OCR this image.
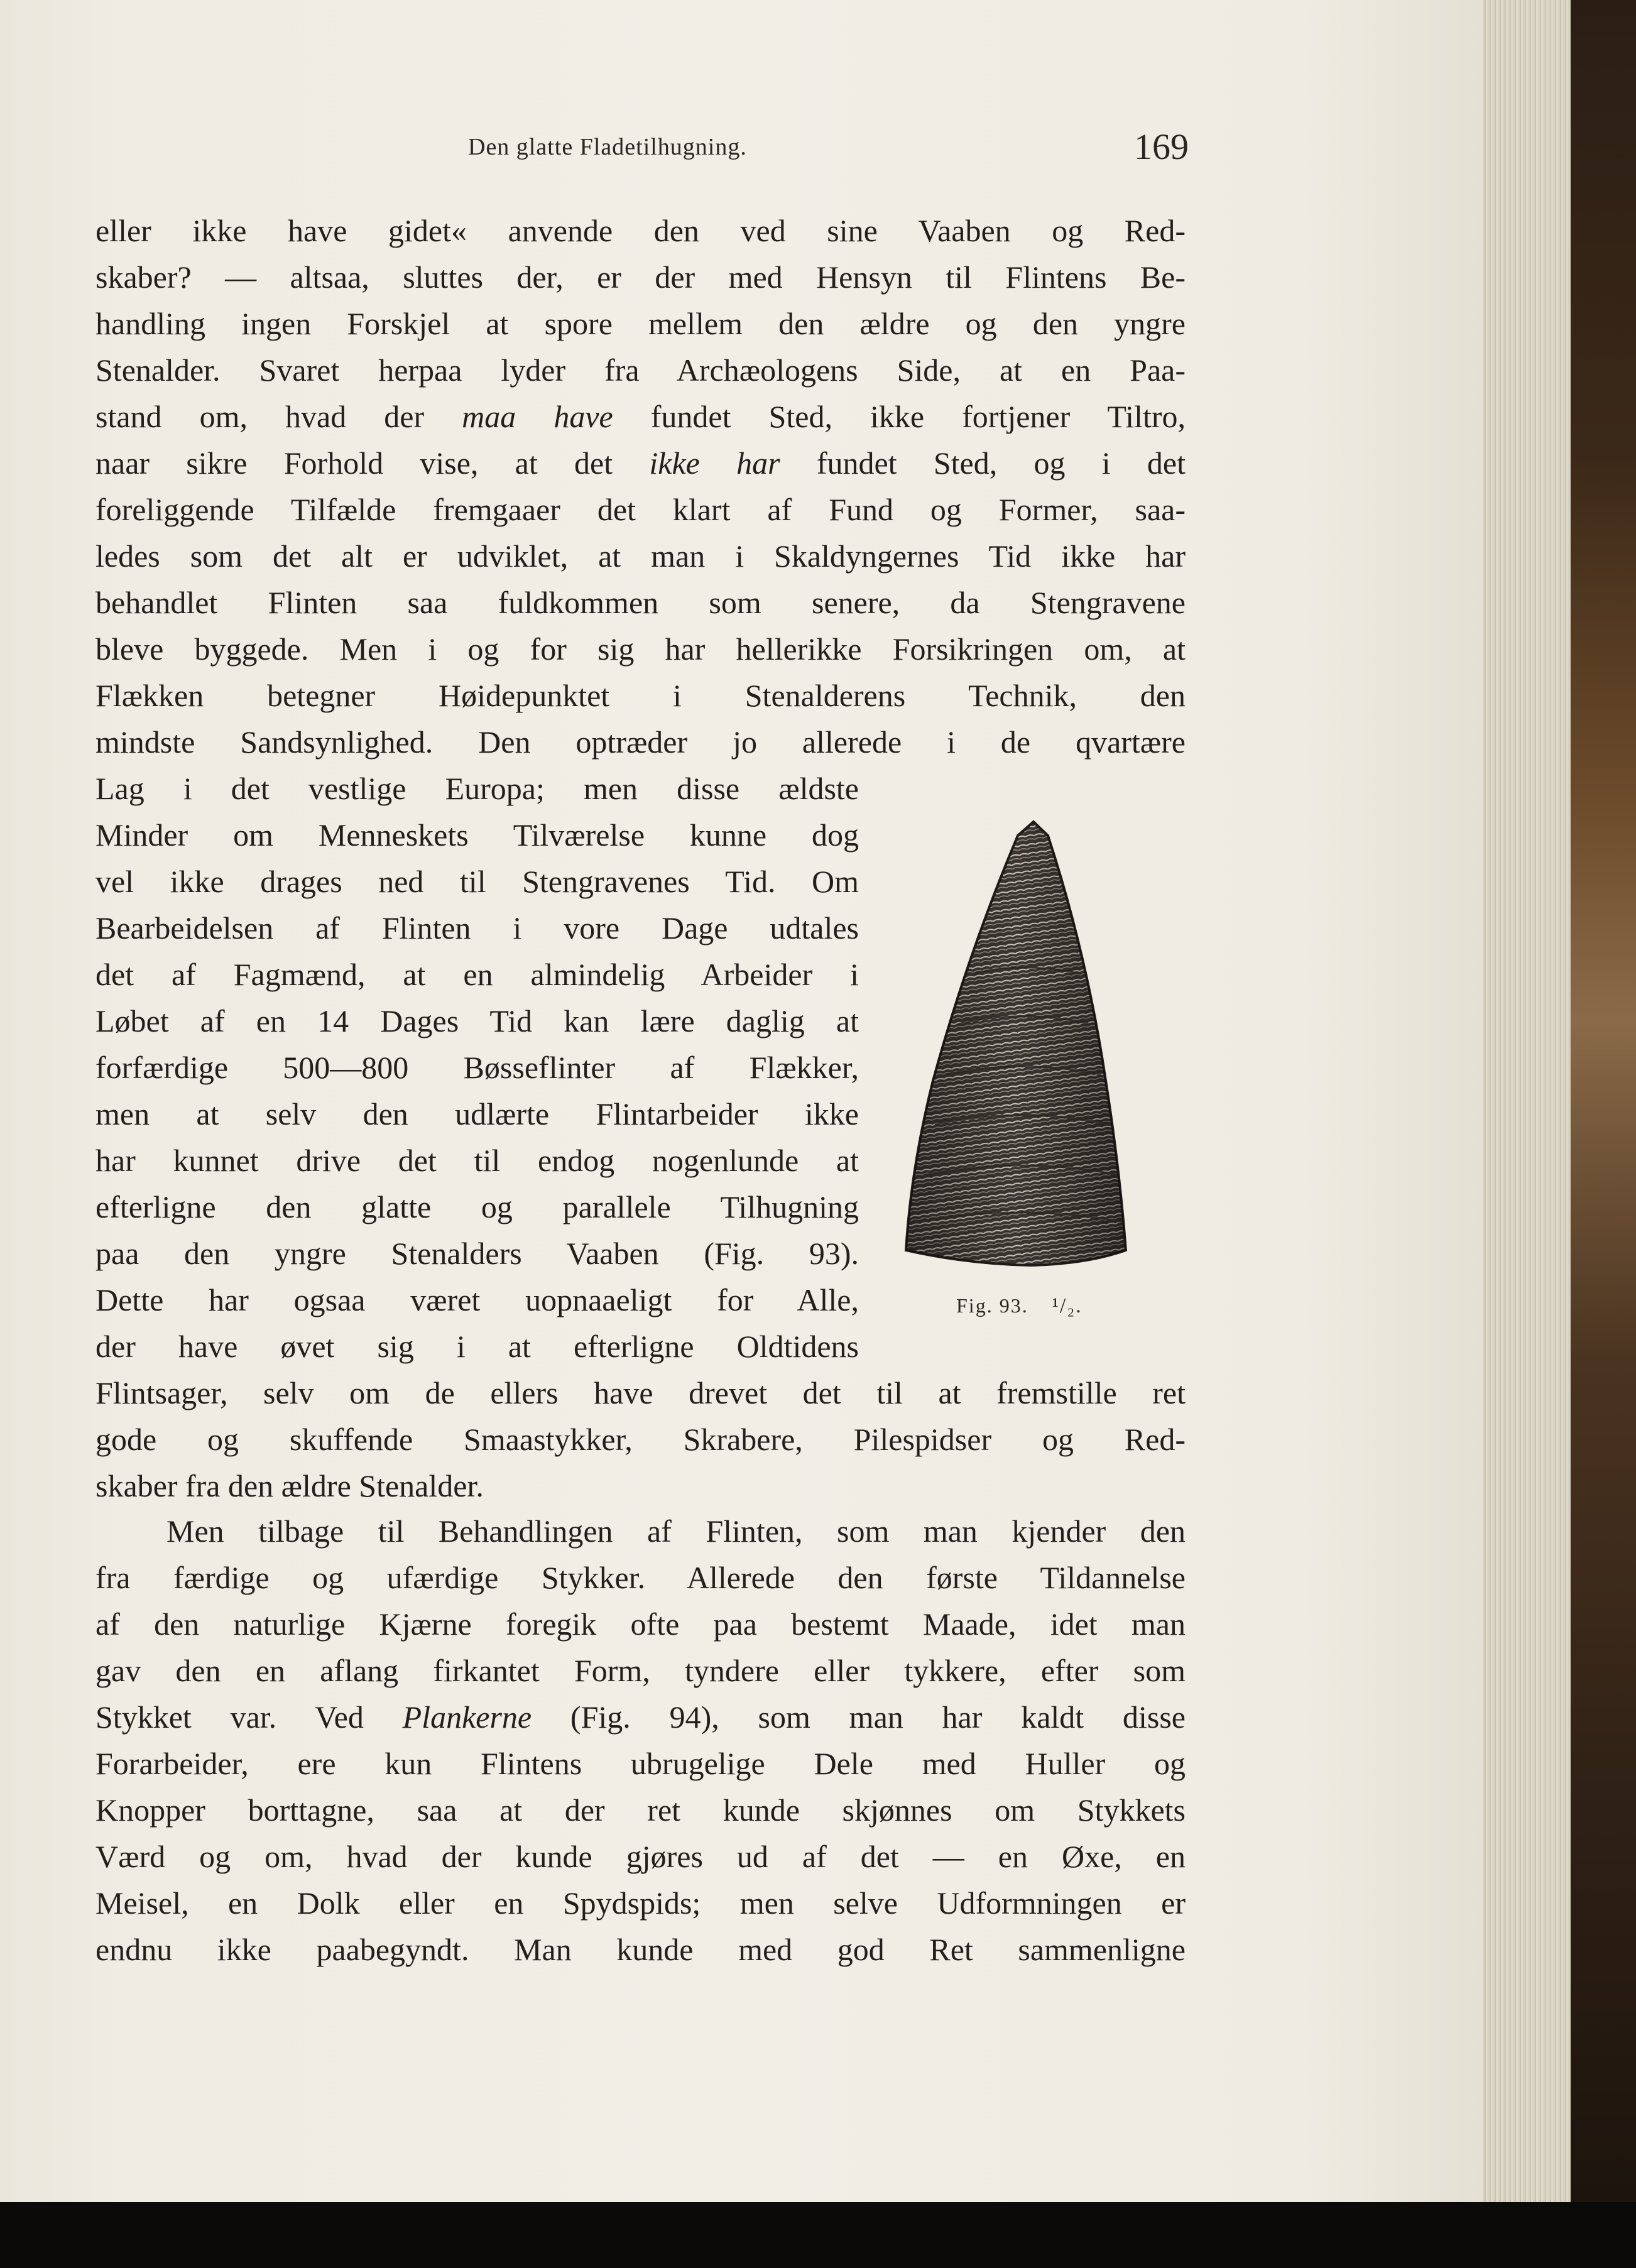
Den glatte Fladetilhugning.	169
eller ikke have gidet« anvende den ved sine Vaaben og Red-
skaber? — altsaa, sluttes der, er der med Hensyn til Flintens Be-
handling ingen Forskjel at spore mellem den ældre og den yngre
Stenalder. Svaret herpaa lyder fra Archæologens Side, at en Paa-
stand om, hvad der maa have fundet Sted, ikke fortjener Tiltro,
naar sikre Forhold vise, at det ikke har fundet Sted, og i det
foreliggende Tilfælde fremgaaer det klart af Fund og Former, saa-
ledes som det alt er udviklet, at man i Skaldyngernes Tid ikke har
behandlet Flinten saa fuldkommen som senere, da Stengravene
bleve byggede. Men i og for sig har hellerikke Forsikringen om, at
Flækken betegner Høidepunktet i Stenalderens Technik, den
mindste Sandsynlighed. Den optræder jo allerede i de qvartære
Lag i det vestlige Europa; men disse ældste
Minder om Menneskets Tilværelse kunne dog
vel ikke drages ned til Stengravenes Tid. Om
Bearbeidelsen af Flinten i vore Dage udtales
det af Fagmænd, at en almindelig Arbeider i
Løbet af en 14 Dages Tid kan lære daglig at
forfærdige 500—800 Bøsseflinter af Flækker,
men at selv den udlærte Flintarbeider ikke
har kunnet drive det til endog nogenlunde at
efterligne den glatte og parallele Tilhugning
paa den yngre Stenalders Vaaben (Fig. 93).
Dette har ogsaa været uopnaaeligt for Alle,
der have øvet sig i at efterligne Oldtidens
Flintsager, selv om de ellers have drevet det til at fremstille ret
gode og skuffende Smaastykker, Skrabere, Pilespidser og Red-
skaber fra den ældre Stenalder.
Men tilbage til Behandlingen af Flinten, som man kjender den
fra færdige og ufærdige Stykker. Allerede den første Tildannelse
af den naturlige Kjærne foregik ofte paa bestemt Maade, idet man
gav den en aflang firkantet Form, tyndere eller tykkere, efter som
Stykket var. Ved Plankerne (Fig. 94), som man har kaldt disse
Forarbeider, ere kun Flintens ubrugelige Dele med Huller og
Knopper borttagne, saa at der ret kunde skjønnes om Stykkets
Værd og om, hvad der kunde gjøres ud af det — en Øxe, en
Meisel, en Dolk eller en Spydspids; men selve Udformningen er
endnu ikke paabegyndt. Man kunde med god Ret sammenligne
Fig. 93. ¹/₂.
